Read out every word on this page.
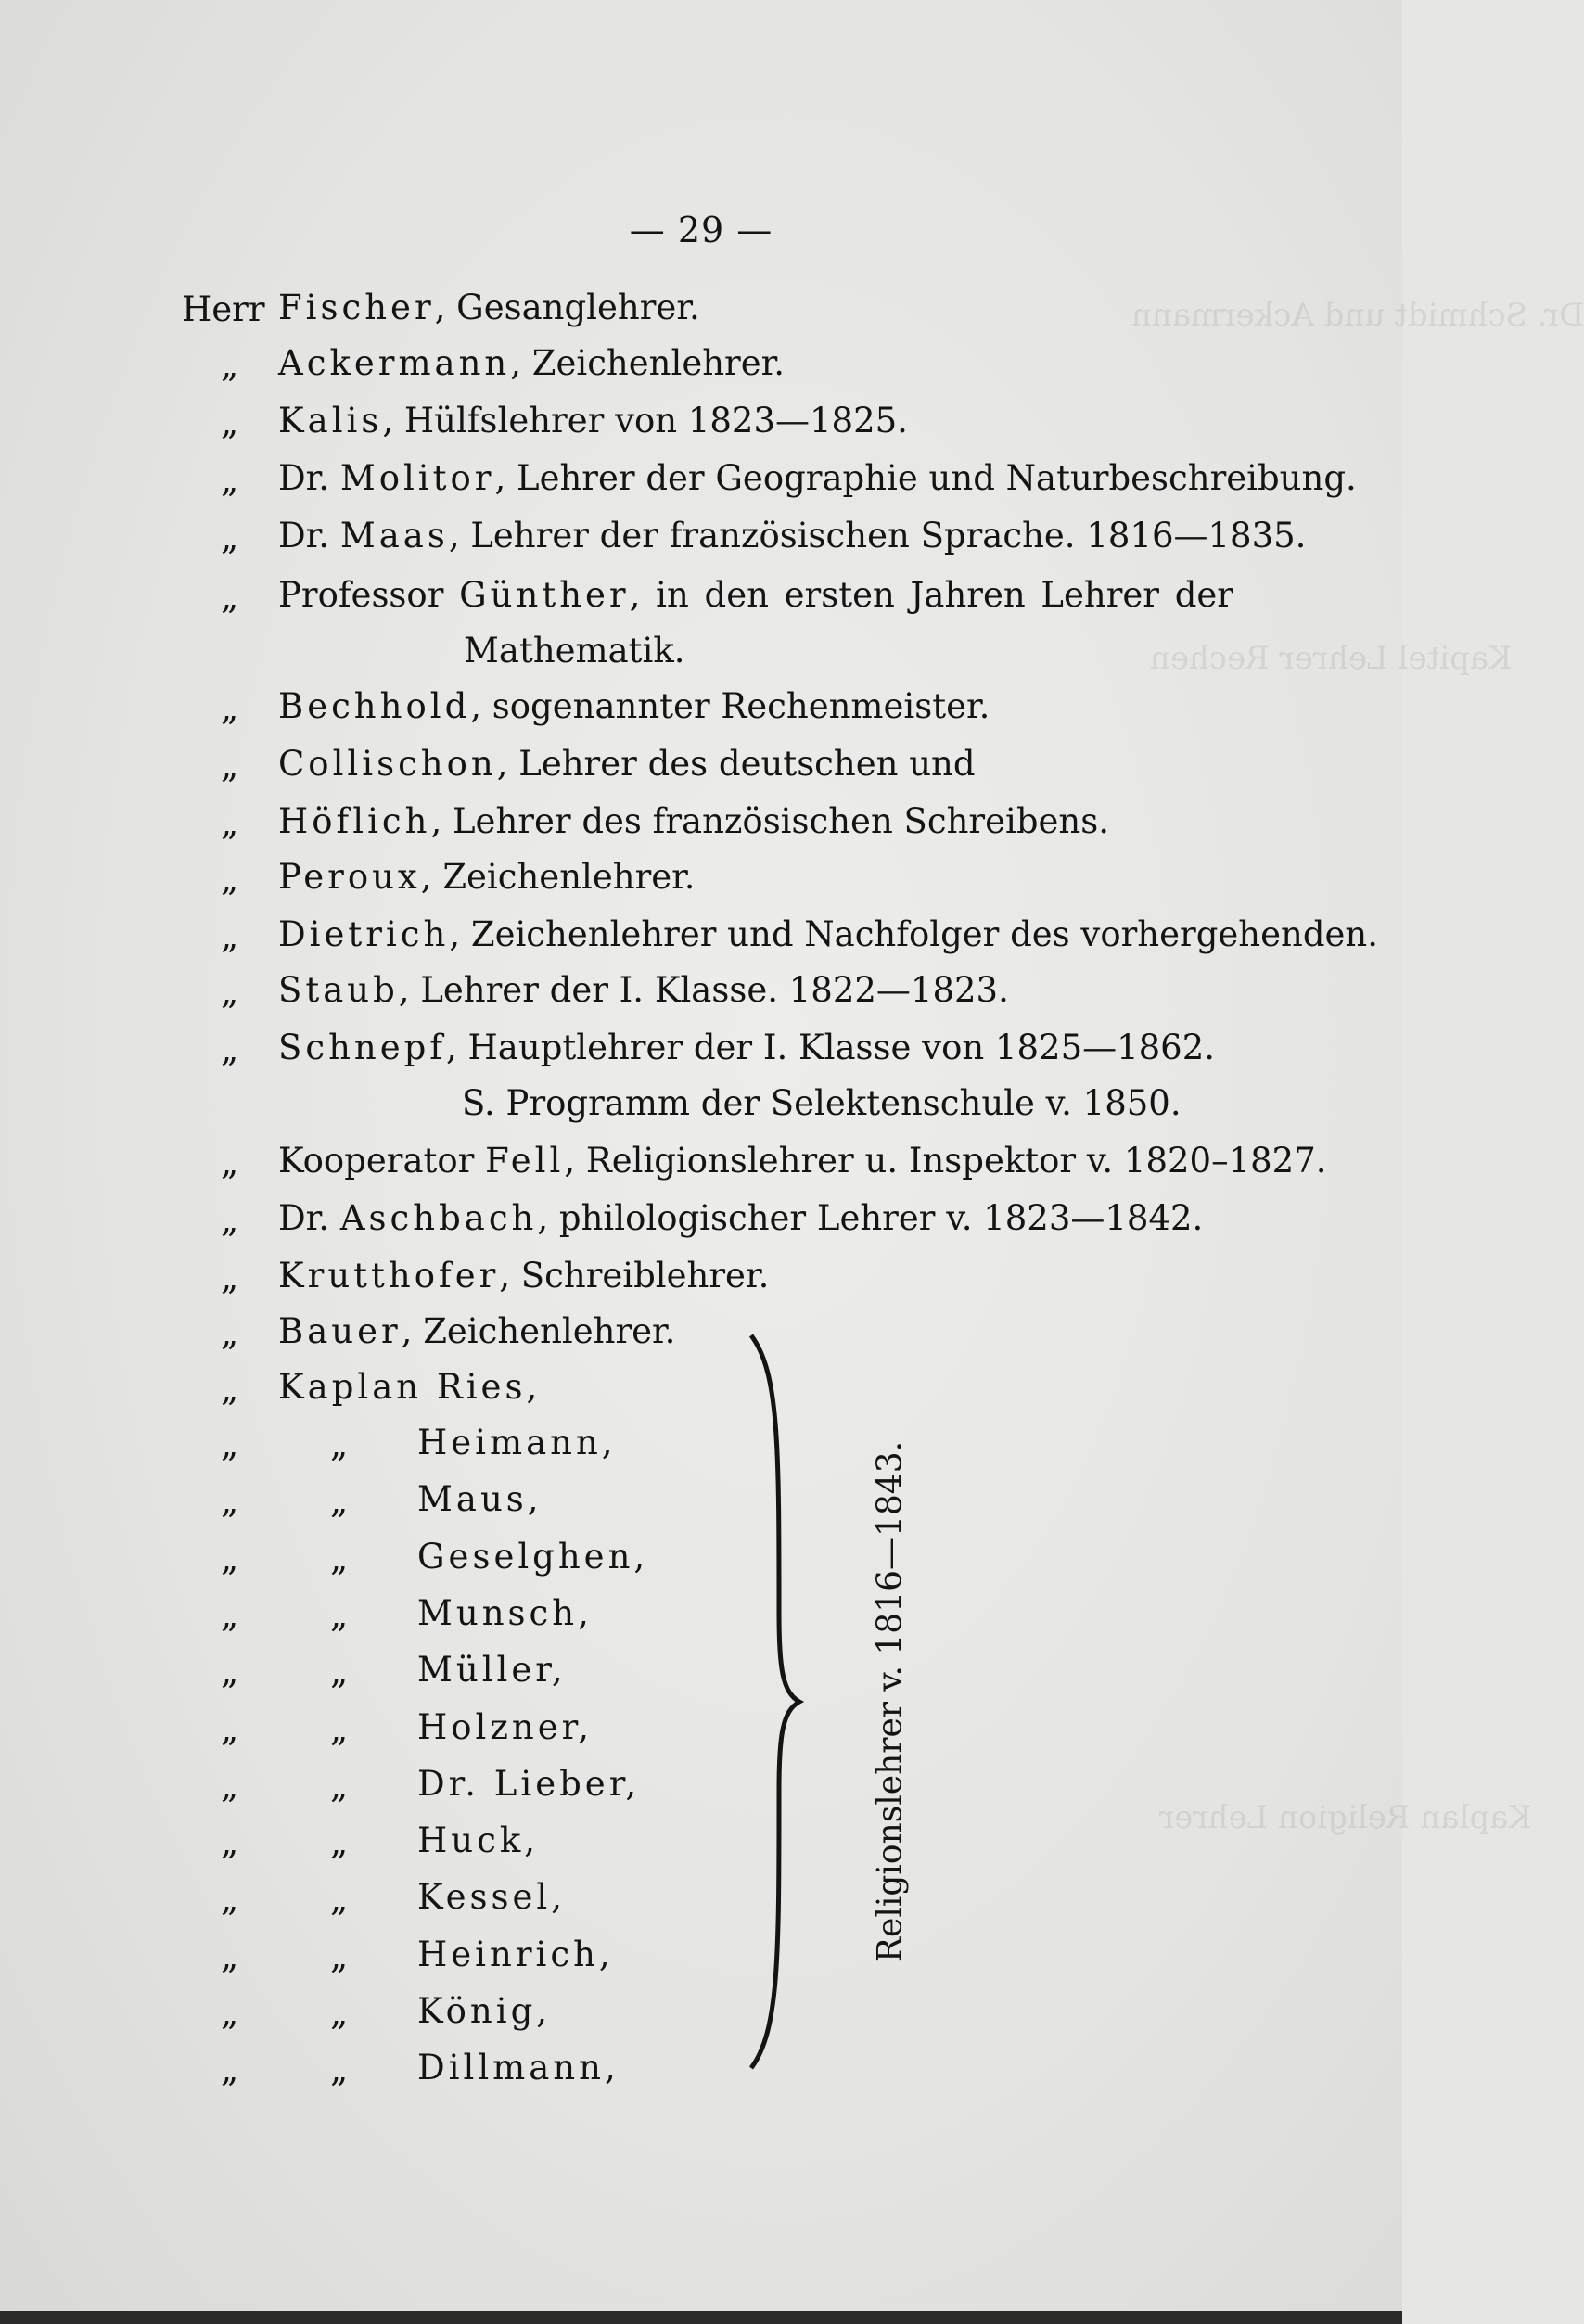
Dr. Schmidt und Ackermann
Kapitel Lehrer Rechen
Kaplan Religion Lehrer
— 29 —
Herr Fischer, Gesanglehrer.
„ Ackermann, Zeichenlehrer.
„ Kalis, Hülfslehrer von 1823—1825.
„ Dr. Molitor, Lehrer der Geographie und Naturbeschreibung.
„ Dr. Maas, Lehrer der französischen Sprache. 1816—1835.
„ Professor Günther, in den ersten Jahren Lehrer der
Mathematik.
„ Bechhold, sogenannter Rechenmeister.
„ Collischon, Lehrer des deutschen und
„ Höflich, Lehrer des französischen Schreibens.
„ Peroux, Zeichenlehrer.
„ Dietrich, Zeichenlehrer und Nachfolger des vorhergehenden.
„ Staub, Lehrer der I. Klasse. 1822—1823.
„ Schnepf, Hauptlehrer der I. Klasse von 1825—1862.
S. Programm der Selektenschule v. 1850.
„ Kooperator Fell, Religionslehrer u. Inspektor v. 1820–1827.
„ Dr. Aschbach, philologischer Lehrer v. 1823—1842.
„ Krutthofer, Schreiblehrer.
„ Bauer, Zeichenlehrer.
„ Kaplan Ries,
„	„ Heimann,
„	„ Maus,
„	„ Geselghen,
„	„ Munsch,
„	„ Müller,
„	„ Holzner,
„	„ Dr. Lieber,
„	„ Huck,
„	„ Kessel,
„	„ Heinrich,
„	„ König,
„	„ Dillmann,
Religionslehrer v. 1816—1843.
